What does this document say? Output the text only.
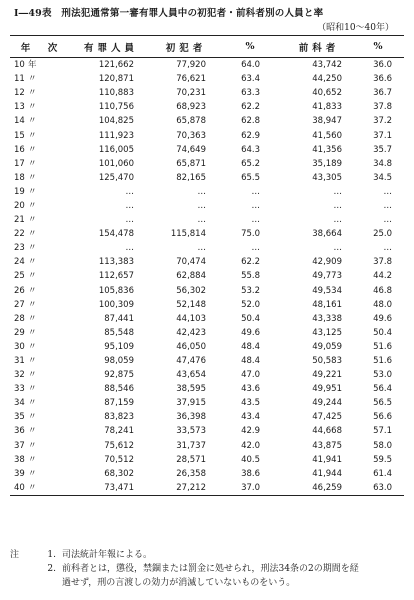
I―49表　刑法犯通常第一審有罪人員中の初犯者・前科者別の人員と率
（昭和10～40年）
年　次	有罪人員	初犯者	%	前科者	%
10 年	121,662	77,920	64.0	43,742	36.0
11 〃	120,871	76,621	63.4	44,250	36.6
12 〃	110,883	70,231	63.3	40,652	36.7
13 〃	110,756	68,923	62.2	41,833	37.8
14 〃	104,825	65,878	62.8	38,947	37.2
15 〃	111,923	70,363	62.9	41,560	37.1
16 〃	116,005	74,649	64.3	41,356	35.7
17 〃	101,060	65,871	65.2	35,189	34.8
18 〃	125,470	82,165	65.5	43,305	34.5
19 〃	…	…	…	…	…
20 〃	…	…	…	…	…
21 〃	…	…	…	…	…
22 〃	154,478	115,814	75.0	38,664	25.0
23 〃	…	…	…	…	…
24 〃	113,383	70,474	62.2	42,909	37.8
25 〃	112,657	62,884	55.8	49,773	44.2
26 〃	105,836	56,302	53.2	49,534	46.8
27 〃	100,309	52,148	52.0	48,161	48.0
28 〃	87,441	44,103	50.4	43,338	49.6
29 〃	85,548	42,423	49.6	43,125	50.4
30 〃	95,109	46,050	48.4	49,059	51.6
31 〃	98,059	47,476	48.4	50,583	51.6
32 〃	92,875	43,654	47.0	49,221	53.0
33 〃	88,546	38,595	43.6	49,951	56.4
34 〃	87,159	37,915	43.5	49,244	56.5
35 〃	83,823	36,398	43.4	47,425	56.6
36 〃	78,241	33,573	42.9	44,668	57.1
37 〃	75,612	31,737	42.0	43,875	58.0
38 〃	70,512	28,571	40.5	41,941	59.5
39 〃	68,302	26,358	38.6	41,944	61.4
40 〃	73,471	27,212	37.0	46,259	63.0
注	1. 司法統計年報による。
2. 前科者とは，懲役，禁錮または罰金に処せられ，刑法34条の2の期間を経
過せず，刑の言渡しの効力が消滅していないものをいう。
